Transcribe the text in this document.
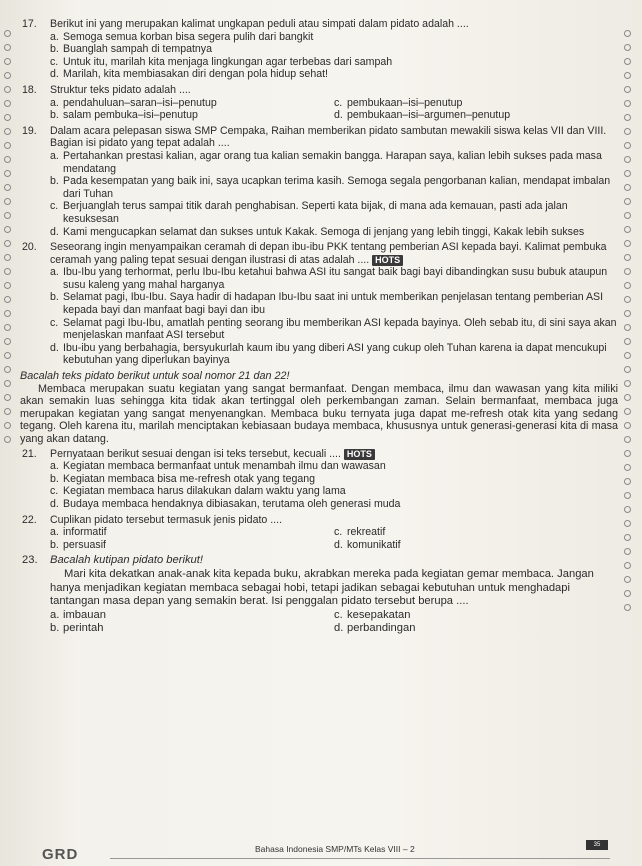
17.	Berikut ini yang merupakan kalimat ungkapan peduli atau simpati dalam pidato adalah ....
a. Semoga semua korban bisa segera pulih dari bangkit
b. Buanglah sampah di tempatnya
c. Untuk itu, marilah kita menjaga lingkungan agar terbebas dari sampah
d. Marilah, kita membiasakan diri dengan pola hidup sehat!
18.	Struktur teks pidato adalah ....
a. pendahuluan–saran–isi–penutup	c. pembukaan–isi–penutup
b. salam pembuka–isi–penutup	d. pembukaan–isi–argumen–penutup
19.	Dalam acara pelepasan siswa SMP Cempaka, Raihan memberikan pidato sambutan mewakili siswa kelas VII dan VIII.
Bagian isi pidato yang tepat adalah ....
a. Pertahankan prestasi kalian, agar orang tua kalian semakin bangga. Harapan saya, kalian lebih sukses pada masa mendatang
b. Pada kesempatan yang baik ini, saya ucapkan terima kasih. Semoga segala pengorbanan kalian, mendapat imbalan dari Tuhan
c. Berjuanglah terus sampai titik darah penghabisan. Seperti kata bijak, di mana ada kemauan, pasti ada jalan kesuksesan
d. Kami mengucapkan selamat dan sukses untuk Kakak. Semoga di jenjang yang lebih tinggi, Kakak lebih sukses
20.	Seseorang ingin menyampaikan ceramah di depan ibu-ibu PKK tentang pemberian ASI kepada bayi. Kalimat pembuka ceramah yang paling tepat sesuai dengan ilustrasi di atas adalah .... HOTS
a. Ibu-Ibu yang terhormat, perlu Ibu-Ibu ketahui bahwa ASI itu sangat baik bagi bayi dibandingkan susu bubuk ataupun susu kaleng yang mahal harganya
b. Selamat pagi, Ibu-Ibu. Saya hadir di hadapan Ibu-Ibu saat ini untuk memberikan penjelasan tentang pemberian ASI kepada bayi dan manfaat bagi bayi dan ibu
c. Selamat pagi Ibu-Ibu, amatlah penting seorang ibu memberikan ASI kepada bayinya. Oleh sebab itu, di sini saya akan menjelaskan manfaat ASI tersebut
d. Ibu-ibu yang berbahagia, bersyukurlah kaum ibu yang diberi ASI yang cukup oleh Tuhan karena ia dapat mencukupi kebutuhan yang diperlukan bayinya
Bacalah teks pidato berikut untuk soal nomor 21 dan 22!

Membaca merupakan suatu kegiatan yang sangat bermanfaat. Dengan membaca, ilmu dan wawasan yang kita miliki akan semakin luas sehingga kita tidak akan tertinggal oleh perkembangan zaman. Selain bermanfaat, membaca juga merupakan kegiatan yang sangat menyenangkan. Membaca buku ternyata juga dapat me-refresh otak kita yang sedang tegang. Oleh karena itu, marilah menciptakan kebiasaan budaya membaca, khususnya untuk generasi-generasi kita di masa yang akan datang.

21.	Pernyataan berikut sesuai dengan isi teks tersebut, kecuali .... HOTS
a. Kegiatan membaca bermanfaat untuk menambah ilmu dan wawasan
b. Kegiatan membaca bisa me-refresh otak yang tegang
c. Kegiatan membaca harus dilakukan dalam waktu yang lama
d. Budaya membaca hendaknya dibiasakan, terutama oleh generasi muda
22.	Cuplikan pidato tersebut termasuk jenis pidato ....
a. informatif	c. rekreatif
b. persuasif	d. komunikatif
23.	Bacalah kutipan pidato berikut!
Mari kita dekatkan anak-anak kita kepada buku, akrabkan mereka pada kegiatan gemar membaca. Jangan hanya menjadikan kegiatan membaca sebagai hobi, tetapi jadikan sebagai kebutuhan untuk menghadapi tantangan masa depan yang semakin berat. Isi penggalan pidato tersebut berupa ....
a. imbauan	c. kesepakatan
b. perintah	d. perbandingan
GRD	Bahasa Indonesia SMP/MTs Kelas VIII – 2	35
